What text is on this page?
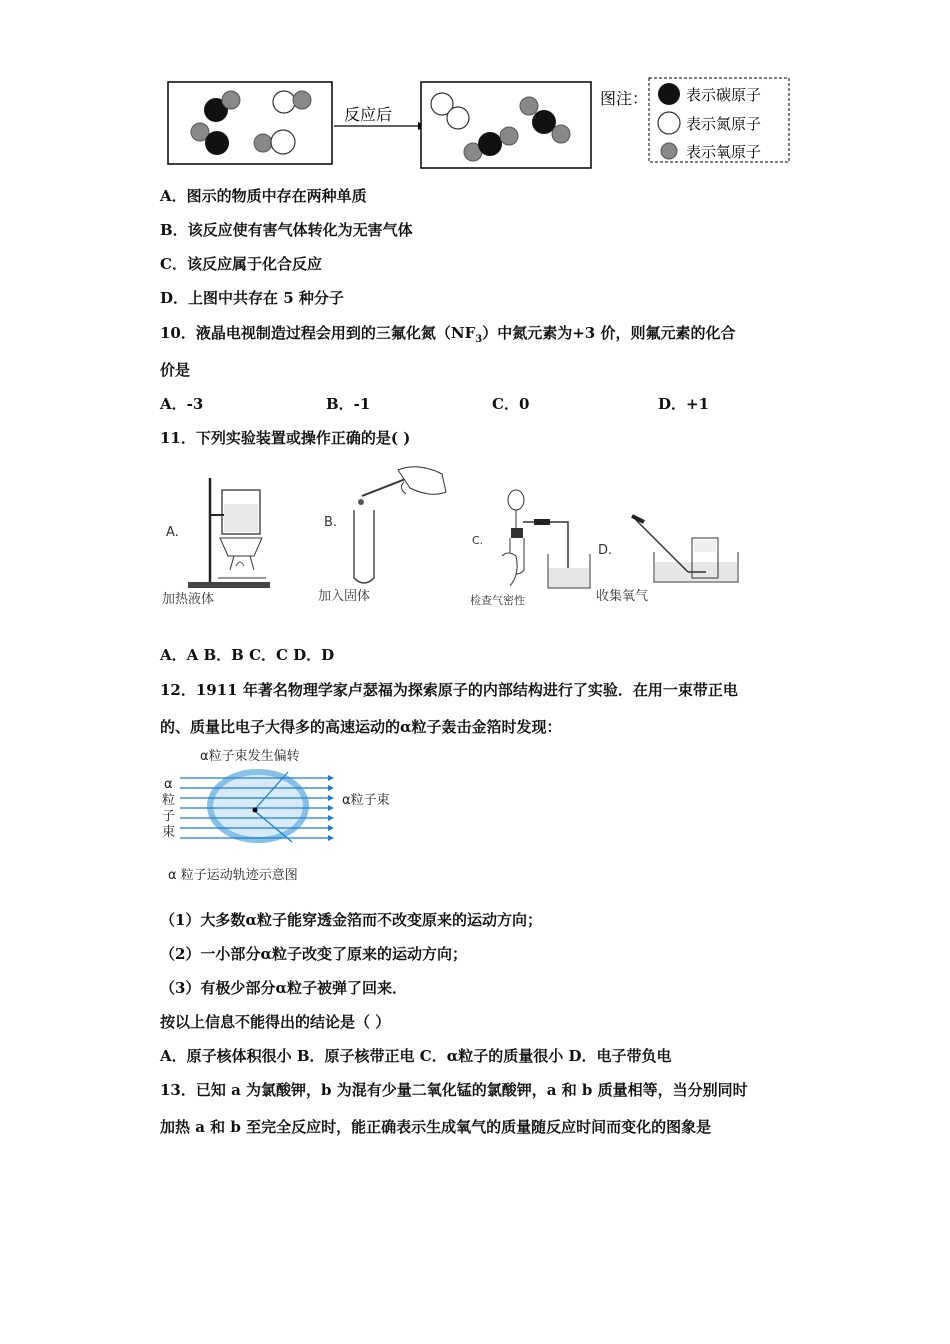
反应后
图注：	表示碳原子
表示氮原子
表示氧原子
A．图示的物质中存在两种单质
B．该反应使有害气体转化为无害气体
C．该反应属于化合反应
D．上图中共存在 5 种分子
10．液晶电视制造过程会用到的三氟化氮$(NF_3)$中氮元素为+3 价，则氟元素的化合
价是
A．-3	B．-1	C．0	D．+1
11．下列实验装置或操作正确的是( )
A.
加热液体
B.
加入固体
C.
检查气密性
D.
收集氧气
A．A B．B C．C D．D
12．1911 年著名物理学家卢瑟福为探索原子的内部结构进行了实验．在用一束带正电
的、质量比电子大得多的高速运动的α粒子轰击金箔时发现：
α粒子束发生偏转
α
粒
子
束
α粒子束
α 粒子运动轨迹示意图
（1）大多数α粒子能穿透金箔而不改变原来的运动方向；
（2）一小部分α粒子改变了原来的运动方向；
（3）有极少部分α粒子被弹了回来．
按以上信息不能得出的结论是（ ）
A．原子核体积很小 B．原子核带正电 C．α粒子的质量很小 D．电子带负电
13．已知 a 为氯酸钾，b 为混有少量二氧化锰的氯酸钾，a 和 b 质量相等，当分别同时
加热 a 和 b 至完全反应时，能正确表示生成氧气的质量随反应时间而变化的图象是
